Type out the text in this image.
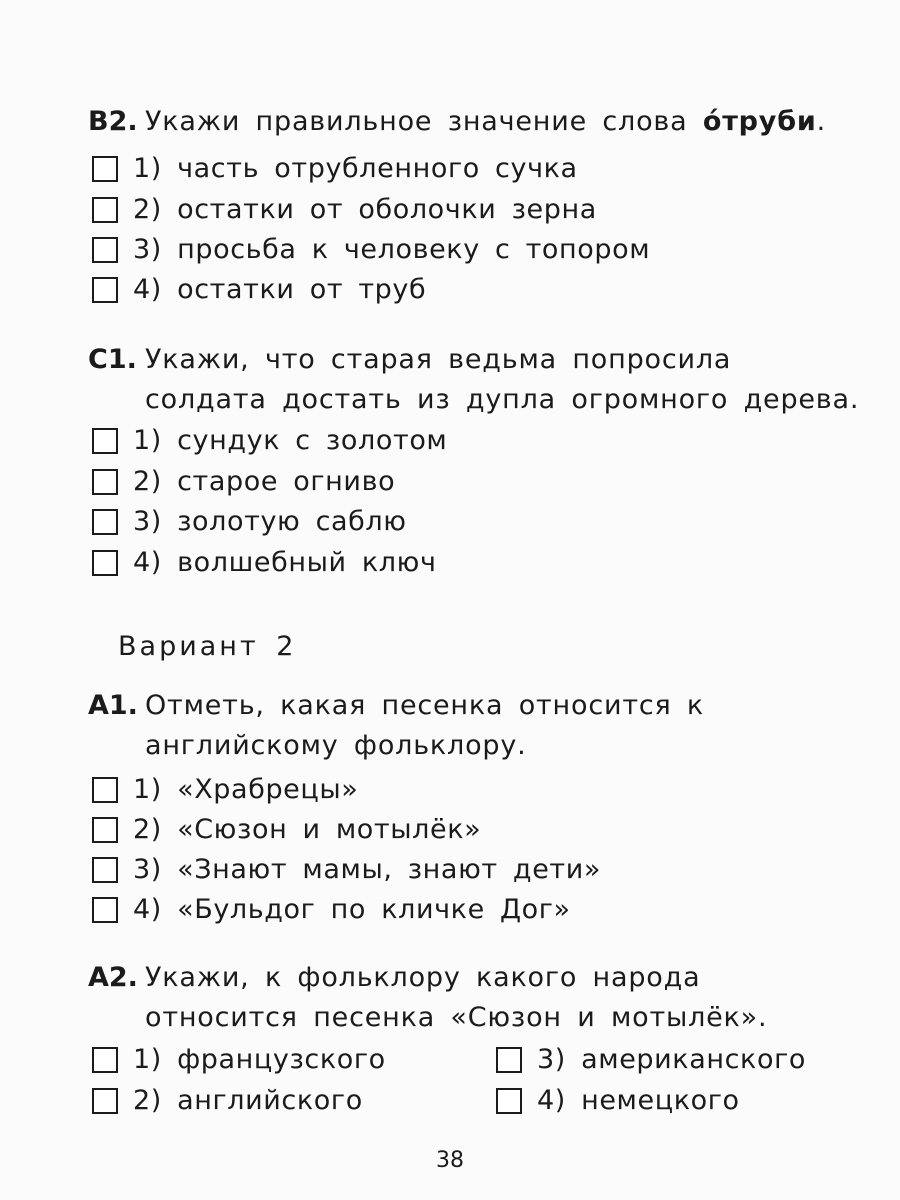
B2. Укажи правильное значение слова о́труби.
1) часть отрубленного сучка
2) остатки от оболочки зерна
3) просьба к человеку с топором
4) остатки от труб
C1. Укажи, что старая ведьма попросила солдата достать из дупла огромного дерева.
1) сундук с золотом
2) старое огниво
3) золотую саблю
4) волшебный ключ
Вариант 2
A1. Отметь, какая песенка относится к английскому фольклору.
1) «Храбрецы»
2) «Сюзон и мотылёк»
3) «Знают мамы, знают дети»
4) «Бульдог по кличке Дог»
A2. Укажи, к фольклору какого народа относится песенка «Сюзон и мотылёк».
1) французского
2) английского
3) американского
4) немецкого
38
